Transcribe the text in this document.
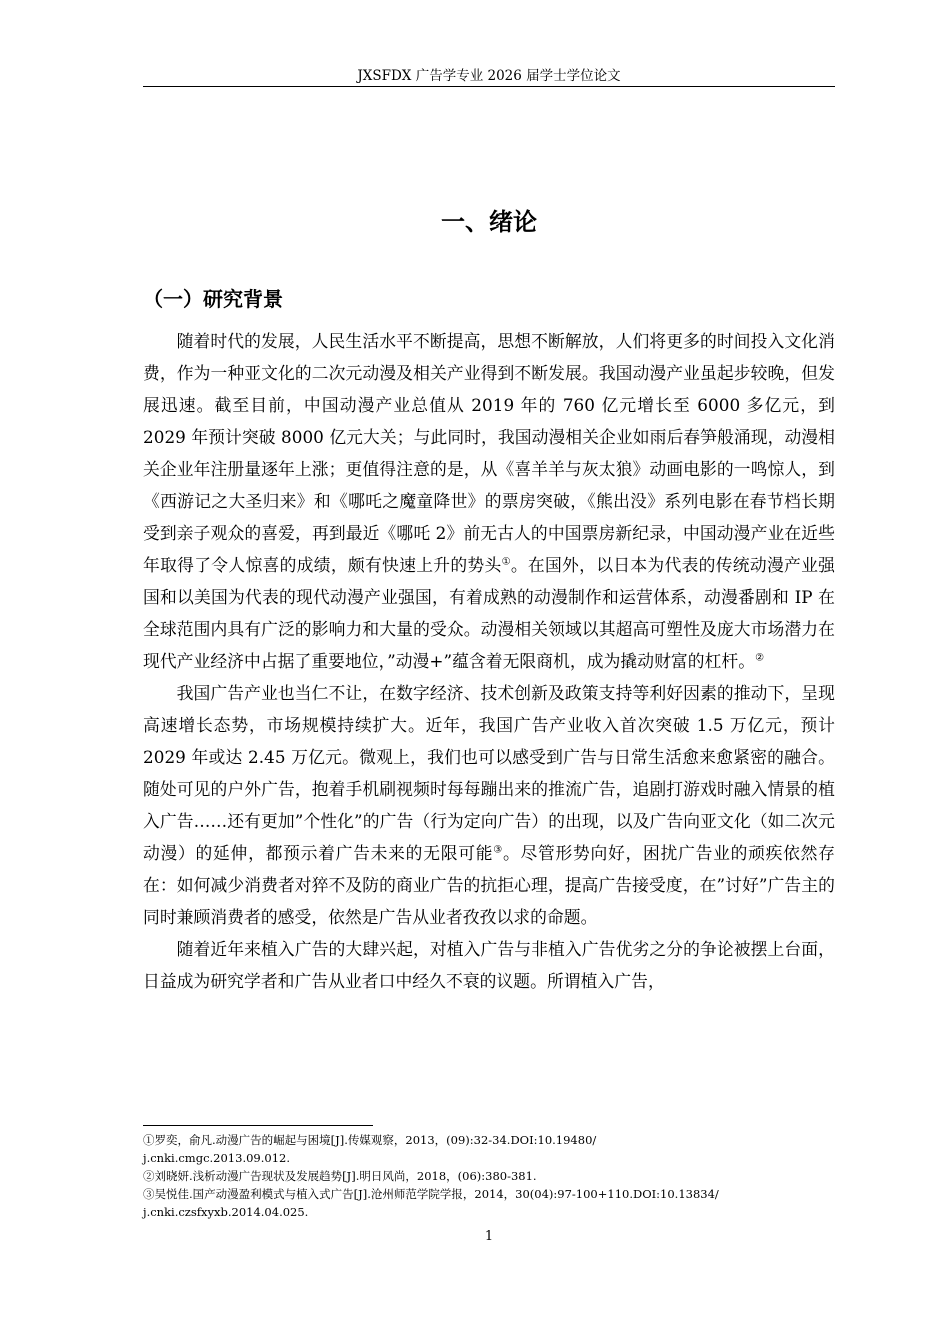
JXSFDX 广告学专业 2026 届学士学位论文
一、绪论
（一）研究背景

随着时代的发展，人民生活水平不断提高，思想不断解放，人们将更多的时间投入文化消费，作为一种亚文化的二次元动漫及相关产业得到不断发展。我国动漫产业虽起步较晚，但发展迅速。截至目前，中国动漫产业总值从 2019 年的 760 亿元增长至 6000 多亿元，到 2029 年预计突破 8000 亿元大关；与此同时，我国动漫相关企业如雨后春笋般涌现，动漫相关企业年注册量逐年上涨；更值得注意的是，从《喜羊羊与灰太狼》动画电影的一鸣惊人，到《西游记之大圣归来》和《哪吒之魔童降世》的票房突破，《熊出没》系列电影在春节档长期受到亲子观众的喜爱，再到最近《哪吒 2》前无古人的中国票房新纪录，中国动漫产业在近些年取得了令人惊喜的成绩，颇有快速上升的势头①。在国外，以日本为代表的传统动漫产业强国和以美国为代表的现代动漫产业强国，有着成熟的动漫制作和运营体系，动漫番剧和 IP 在全球范围内具有广泛的影响力和大量的受众。动漫相关领域以其超高可塑性及庞大市场潜力在现代产业经济中占据了重要地位，”动漫+”蕴含着无限商机，成为撬动财富的杠杆。②

我国广告产业也当仁不让，在数字经济、技术创新及政策支持等利好因素的推动下，呈现高速增长态势，市场规模持续扩大。近年，我国广告产业收入首次突破 1.5 万亿元，预计 2029 年或达 2.45 万亿元。微观上，我们也可以感受到广告与日常生活愈来愈紧密的融合。随处可见的户外广告，抱着手机刷视频时每每蹦出来的推流广告，追剧打游戏时融入情景的植入广告……还有更加”个性化”的广告（行为定向广告）的出现，以及广告向亚文化（如二次元动漫）的延伸，都预示着广告未来的无限可能③。尽管形势向好，困扰广告业的顽疾依然存在：如何减少消费者对猝不及防的商业广告的抗拒心理，提高广告接受度，在”讨好”广告主的同时兼顾消费者的感受，依然是广告从业者孜孜以求的命题。

随着近年来植入广告的大肆兴起，对植入广告与非植入广告优劣之分的争论被摆上台面，日益成为研究学者和广告从业者口中经久不衰的议题。所谓植入广告，

①罗奕，俞凡.动漫广告的崛起与困境[J].传媒观察，2013，(09):32-34.DOI:10.19480/
j.cnki.cmgc.2013.09.012.

②刘晓妍.浅析动漫广告现状及发展趋势[J].明日风尚，2018，(06):380-381.

③吴悦佳.国产动漫盈利模式与植入式广告[J].沧州师范学院学报，2014，30(04):97-100+110.DOI:10.13834/
j.cnki.czsfxyxb.2014.04.025.

1
